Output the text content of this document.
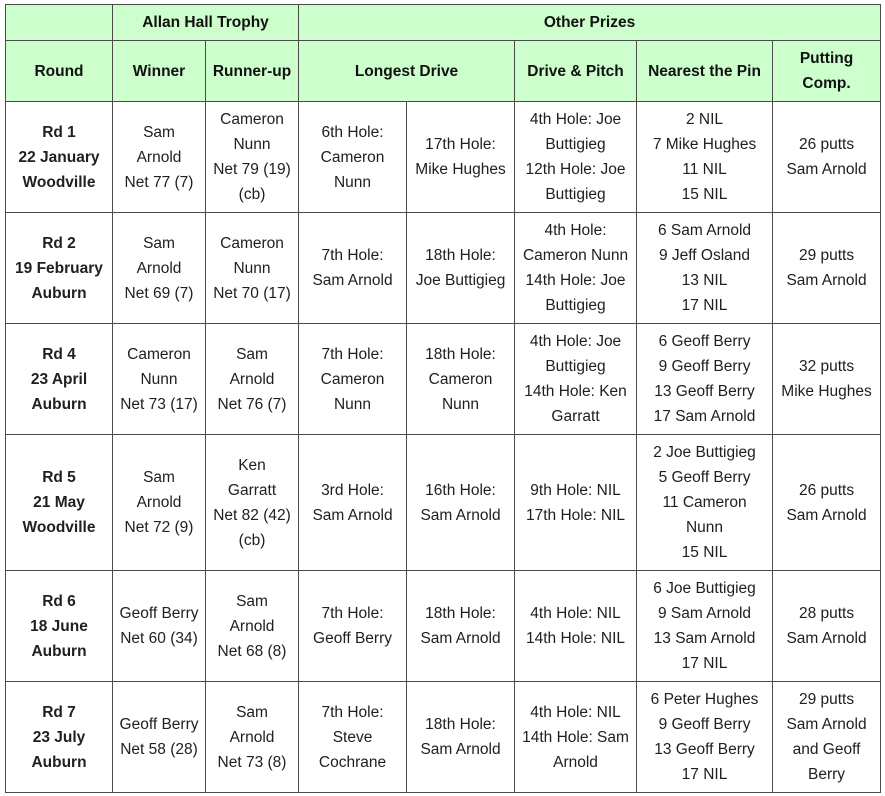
	Allan Hall Trophy		Other Prizes				
Round	Winner	Runner-up	Longest Drive		Drive & Pitch	Nearest the Pin	Putting
Comp.

Rd 1
22 January
Woodville	Sam
Arnold
Net 77 (7)	Cameron
Nunn
Net 79 (19)
(cb)	6th Hole:
Cameron
Nunn	17th Hole:
Mike Hughes	4th Hole: Joe
Buttigieg
12th Hole: Joe
Buttigieg	2 NIL
7 Mike Hughes
11 NIL
15 NIL	26 putts
Sam Arnold

Rd 2
19 February
Auburn	Sam
Arnold
Net 69 (7)	Cameron
Nunn
Net 70 (17)	7th Hole:
Sam Arnold	18th Hole:
Joe Buttigieg	4th Hole:
Cameron Nunn
14th Hole: Joe
Buttigieg	6 Sam Arnold
9 Jeff Osland
13 NIL
17 NIL	29 putts
Sam Arnold

Rd 4
23 April
Auburn	Cameron
Nunn
Net 73 (17)	Sam
Arnold
Net 76 (7)	7th Hole:
Cameron
Nunn	18th Hole:
Cameron
Nunn	4th Hole: Joe
Buttigieg
14th Hole: Ken
Garratt	6 Geoff Berry
9 Geoff Berry
13 Geoff Berry
17 Sam Arnold	32 putts
Mike Hughes

Rd 5
21 May
Woodville	Sam
Arnold
Net 72 (9)	Ken
Garratt
Net 82 (42)
(cb)	3rd Hole:
Sam Arnold	16th Hole:
Sam Arnold	9th Hole: NIL
17th Hole: NIL	2 Joe Buttigieg
5 Geoff Berry
11 Cameron
Nunn
15 NIL	26 putts
Sam Arnold

Rd 6
18 June
Auburn	Geoff Berry
Net 60 (34)	Sam
Arnold
Net 68 (8)	7th Hole:
Geoff Berry	18th Hole:
Sam Arnold	4th Hole: NIL
14th Hole: NIL	6 Joe Buttigieg
9 Sam Arnold
13 Sam Arnold
17 NIL	28 putts
Sam Arnold

Rd 7
23 July
Auburn	Geoff Berry
Net 58 (28)	Sam
Arnold
Net 73 (8)	7th Hole:
Steve
Cochrane	18th Hole:
Sam Arnold	4th Hole: NIL
14th Hole: Sam
Arnold	6 Peter Hughes
9 Geoff Berry
13 Geoff Berry
17 NIL	29 putts
Sam Arnold
and Geoff
Berry
